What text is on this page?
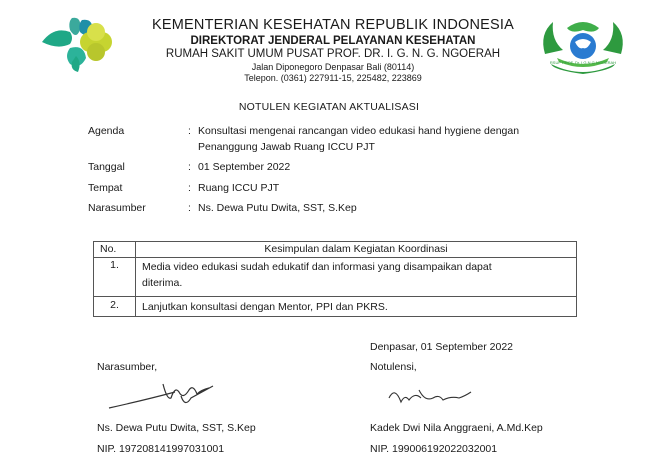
KEMENTERIAN KESEHATAN REPUBLIK INDONESIA
DIREKTORAT JENDERAL PELAYANAN KESEHATAN
RUMAH SAKIT UMUM PUSAT PROF. DR. I. G. N. G. NGOERAH
Jalan Diponegoro Denpasar Bali (80114)
Telepon. (0361) 227911-15, 225482, 223869
RSUP PROF. Dr. I.G.N.G NGOERAH
NOTULEN KEGIATAN AKTUALISASI
Agenda	: Konsultasi mengenai rancangan video edukasi hand hygiene dengan
Penanggung Jawab Ruang ICCU PJT
Tanggal	: 01 September 2022
Tempat	: Ruang ICCU PJT
Narasumber	: Ns. Dewa Putu Dwita, SST, S.Kep
No.	Kesimpulan dalam Kegiatan Koordinasi
1.	Media video edukasi sudah edukatif dan informasi yang disampaikan dapat
diterima.

2.	Lanjutkan konsultasi dengan Mentor, PPI dan PKRS.
Denpasar, 01 September 2022
Narasumber,	Notulensi,
Ns. Dewa Putu Dwita, SST, S.Kep	Kadek Dwi Nila Anggraeni, A.Md.Kep
NIP. 197208141997031001	NIP. 199006192022032001
